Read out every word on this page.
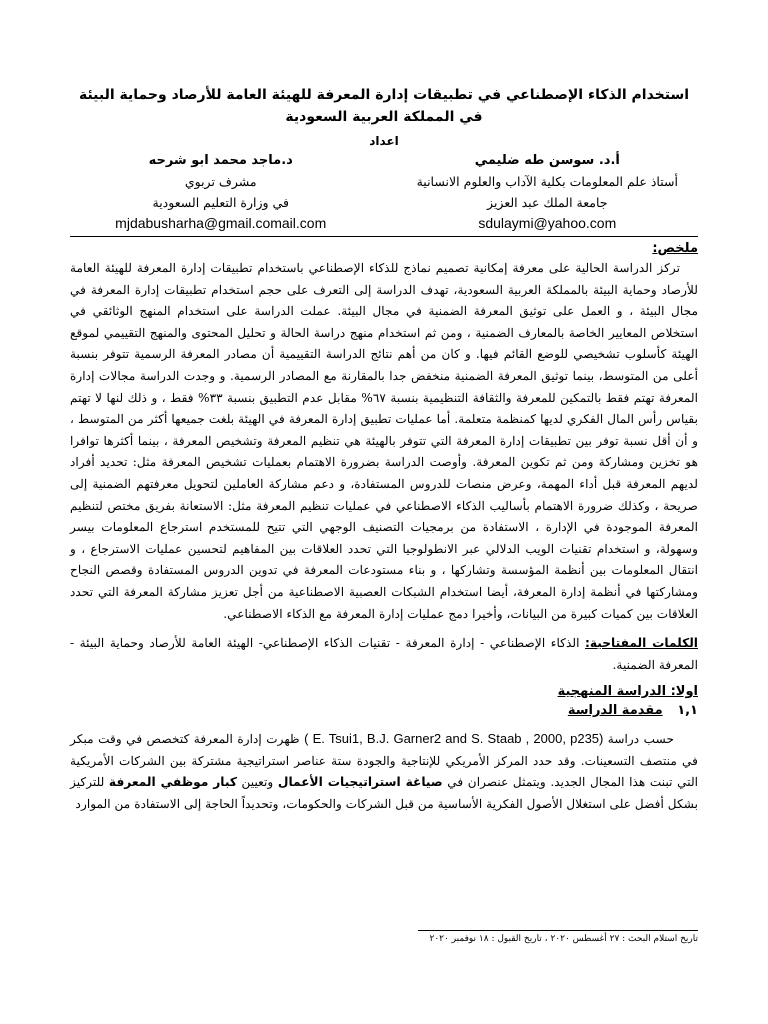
استخدام الذكاء الإصطناعي في تطبيقات إدارة المعرفة للهيئة العامة للأرصاد وحماية البيئة في المملكة العربية السعودية
اعداد
أ.د. سوسن طه ضليمي
أستاذ علم المعلومات بكلية الآداب والعلوم الانسانية
جامعة الملك عبد العزيز
sdulaymi@yahoo.com
د.ماجد محمد ابو شرحه
مشرف تربوي
في وزارة التعليم السعودية
mjdabusharha@gmail.comail.com
ملخص:

تركز الدراسة الحالية على معرفة إمكانية تصميم نماذج للذكاء الإصطناعي باستخدام تطبيقات إدارة المعرفة للهيئة العامة للأرصاد وحماية البيئة بالمملكة العربية السعودية، تهدف الدراسة إلى التعرف على حجم استخدام تطبيقات إدارة المعرفة في مجال البيئة ، و العمل على توثيق المعرفة الضمنية في مجال البيئة. عملت الدراسة على استخدام المنهج الوثائقي في استخلاص المعايير الخاصة بالمعارف الضمنية ، ومن ثم استخدام منهج دراسة الحالة و تحليل المحتوى والمنهج التقييمي لموقع الهيئة كأسلوب تشخيصي للوضع القائم فيها. و كان من أهم نتائج الدراسة التقييمية أن مصادر المعرفة الرسمية تتوفر بنسبة أعلى من المتوسط، بينما توثيق المعرفة الضمنية منخفض جدا بالمقارنة مع المصادر الرسمية. و وجدت الدراسة مجالات إدارة المعرفة تهتم فقط بالتمكين للمعرفة والثقافة التنظيمية بنسبة ٦٧% مقابل عدم التطبيق بنسبة ٣٣% فقط ، و ذلك لنها لا تهتم بقياس رأس المال الفكري لديها كمنظمة متعلمة. أما عمليات تطبيق إدارة المعرفة في الهيئة بلغت جميعها أكثر من المتوسط ، و أن أقل نسبة توفر بين تطبيقات إدارة المعرفة التي تتوفر بالهيئة هي تنظيم المعرفة وتشخيص المعرفة ، بينما أكثرها توافرا هو تخزين ومشاركة ومن ثم تكوين المعرفة. وأوصت الدراسة بضرورة الاهتمام بعمليات تشخيص المعرفة مثل: تحديد أفراد لديهم المعرفة قبل أداء المهمة، وعرض منصات للدروس المستفادة، و دعم مشاركة العاملين لتحويل معرفتهم الضمنية إلى صريحة ، وكذلك ضرورة الاهتمام بأساليب الذكاء الاصطناعي في عمليات تنظيم المعرفة مثل: الاستعانة بفريق مختص لتنظيم المعرفة الموجودة في الإدارة ، الاستفادة من برمجيات التصنيف الوجهي التي تتيح للمستخدم استرجاع المعلومات بيسر وسهولة، و استخدام تقنيات الويب الدلالي عبر الانطولوجيا التي تحدد العلاقات بين المفاهيم لتحسين عمليات الاسترجاع ، و انتقال المعلومات بين أنظمة المؤسسة وتشاركها ، و بناء مستودعات المعرفة في تدوين الدروس المستفادة وقصص النجاح ومشاركتها في أنظمة إدارة المعرفة، أيضا استخدام الشبكات العصبية الاصطناعية من أجل تعزيز مشاركة المعرفة التي تحدد العلاقات بين كميات كبيرة من البيانات، وأخيرا دمج عمليات إدارة المعرفة مع الذكاء الاصطناعي.

الكلمات المفتاحية: الذكاء الإصطناعي - إدارة المعرفة - تقنيات الذكاء الإصطناعي- الهيئة العامة للأرصاد وحماية البيئة - المعرفة الضمنية.

اولا: الدراسة المنهجية
١,١ مقدمة الدراسة

حسب دراسة ( E. Tsui1, B.J. Garner2 and S. Staab , 2000, p235) ظهرت إدارة المعرفة كتخصص في وقت مبكر في منتصف التسعينات. وقد حدد المركز الأمريكي للإنتاجية والجودة ستة عناصر استراتيجية مشتركة بين الشركات الأمريكية التي تبنت هذا المجال الجديد. ويتمثل عنصران في صياغة استراتيجيات الأعمال وتعيين كبار موظفي المعرفة للتركيز بشكل أفضل على استغلال الأصول الفكرية الأساسية من قبل الشركات والحكومات، وتحديداً الحاجة إلى الاستفادة من الموارد

تاريخ استلام البحث : ٢٧ أغسطس ٢٠٢٠ ، تاريخ القبول : ١٨ نوفمبر ٢٠٢٠
